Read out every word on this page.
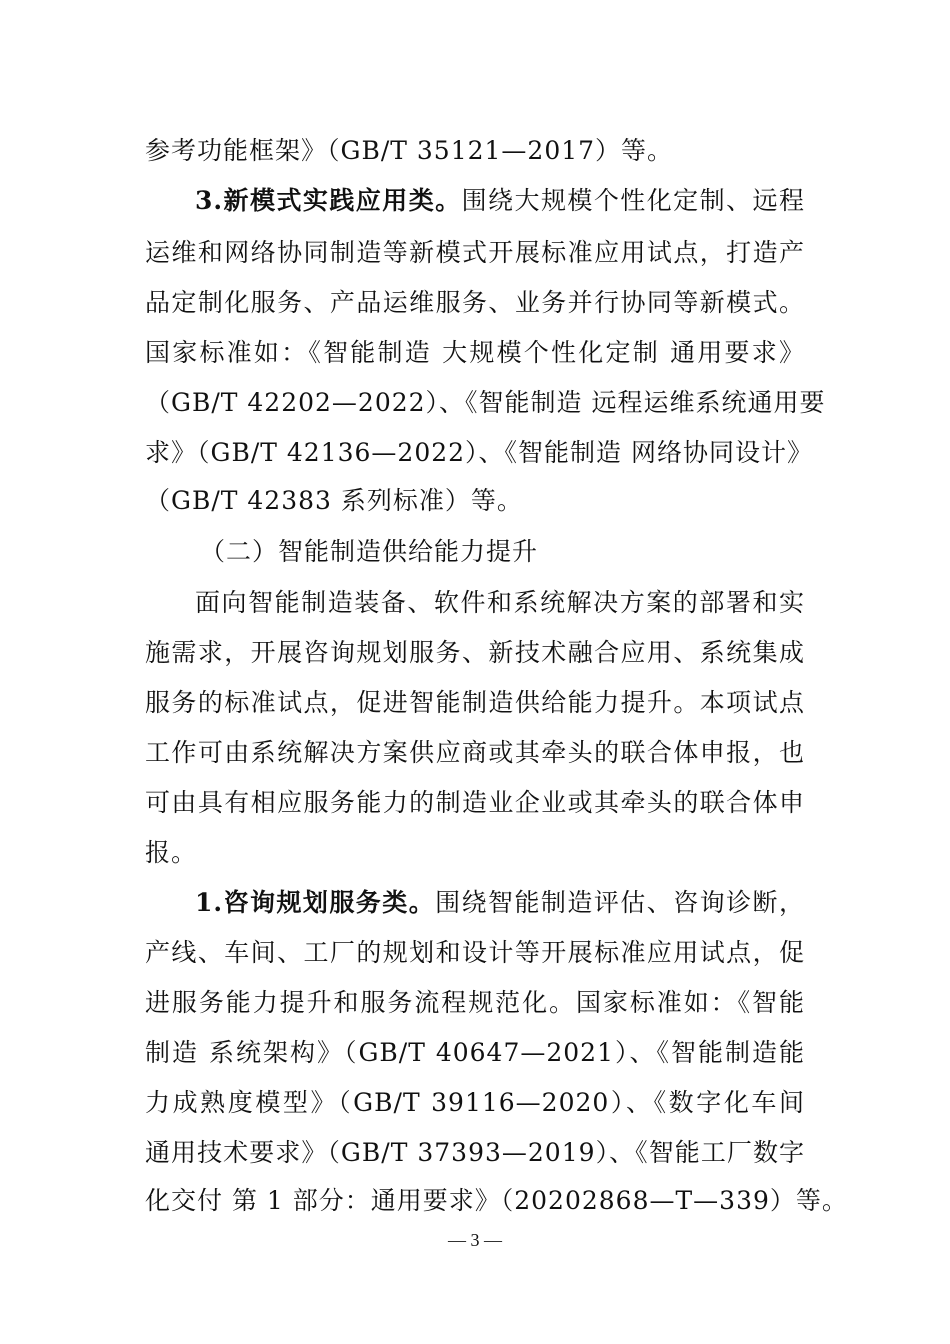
参考功能框架》（GB/T 35121—2017）等。
3.新模式实践应用类。围绕大规模个性化定制、远程
运维和网络协同制造等新模式开展标准应用试点，打造产
品定制化服务、产品运维服务、业务并行协同等新模式。
国家标准如：《智能制造 大规模个性化定制 通用要求》
（GB/T 42202—2022）、《智能制造 远程运维系统通用要
求》（GB/T 42136—2022）、《智能制造 网络协同设计》
（GB/T 42383 系列标准）等。
（二）智能制造供给能力提升
面向智能制造装备、软件和系统解决方案的部署和实
施需求，开展咨询规划服务、新技术融合应用、系统集成
服务的标准试点，促进智能制造供给能力提升。本项试点
工作可由系统解决方案供应商或其牵头的联合体申报，也
可由具有相应服务能力的制造业企业或其牵头的联合体申
报。
1.咨询规划服务类。围绕智能制造评估、咨询诊断，
产线、车间、工厂的规划和设计等开展标准应用试点，促
进服务能力提升和服务流程规范化。国家标准如：《智能
制造 系统架构》（GB/T 40647—2021）、《智能制造能
力成熟度模型》（GB/T 39116—2020）、《数字化车间
通用技术要求》（GB/T 37393—2019）、《智能工厂数字
化交付 第 1 部分：通用要求》（20202868—T—339）等。
— 3 —
